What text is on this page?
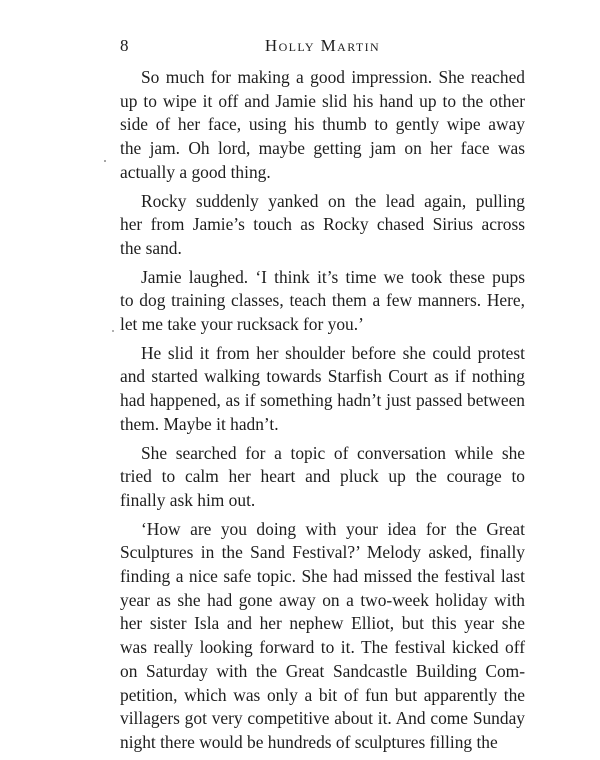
8	Holly Martin

So much for making a good impression. She reached
up to wipe it off and Jamie slid his hand up to the other
side of her face, using his thumb to gently wipe away
the jam. Oh lord, maybe getting jam on her face was
actually a good thing.

Rocky suddenly yanked on the lead again, pulling
her from Jamie’s touch as Rocky chased Sirius across
the sand.

Jamie laughed. ‘I think it’s time we took these pups
to dog training classes, teach them a few manners. Here,
let me take your rucksack for you.’

He slid it from her shoulder before she could protest
and started walking towards Starfish Court as if nothing
had happened, as if something hadn’t just passed between
them. Maybe it hadn’t.

She searched for a topic of conversation while she
tried to calm her heart and pluck up the courage to
finally ask him out.

‘How are you doing with your idea for the Great
Sculptures in the Sand Festival?’ Melody asked, finally
finding a nice safe topic. She had missed the festival last
year as she had gone away on a two-week holiday with
her sister Isla and her nephew Elliot, but this year she
was really looking forward to it. The festival kicked off
on Saturday with the Great Sandcastle Building Com-
petition, which was only a bit of fun but apparently the
villagers got very competitive about it. And come Sunday
night there would be hundreds of sculptures filling the
